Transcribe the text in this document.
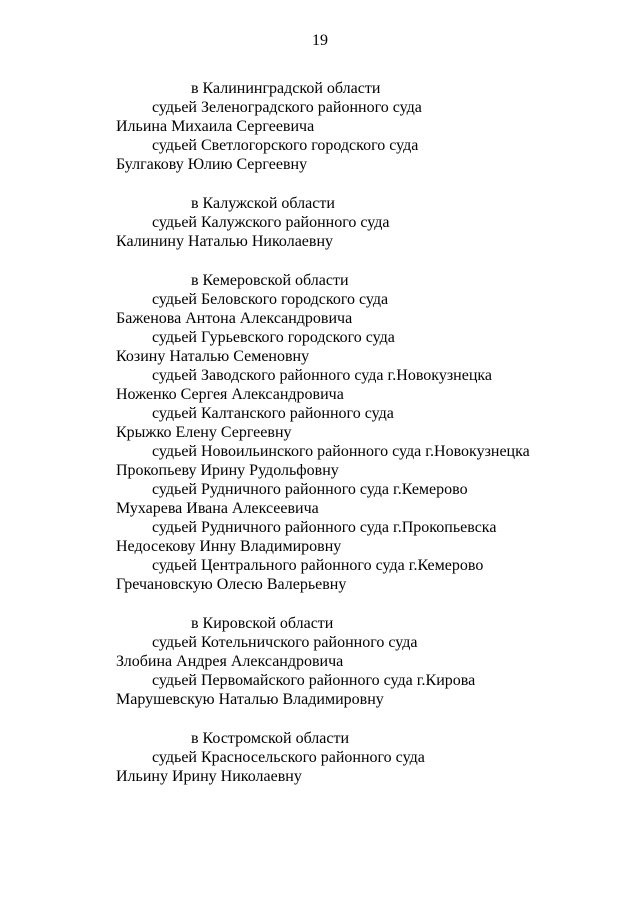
19
в Калининградской области
судьей Зеленоградского районного суда
Ильина Михаила Сергеевича
судьей Светлогорского городского суда
Булгакову Юлию Сергеевну
в Калужской области
судьей Калужского районного суда
Калинину Наталью Николаевну
в Кемеровской области
судьей Беловского городского суда
Баженова Антона Александровича
судьей Гурьевского городского суда
Козину Наталью Семеновну
судьей Заводского районного суда г.Новокузнецка
Ноженко Сергея Александровича
судьей Калтанского районного суда
Крыжко Елену Сергеевну
судьей Новоильинского районного суда г.Новокузнецка
Прокопьеву Ирину Рудольфовну
судьей Рудничного районного суда г.Кемерово
Мухарева Ивана Алексеевича
судьей Рудничного районного суда г.Прокопьевска
Недосекову Инну Владимировну
судьей Центрального районного суда г.Кемерово
Гречановскую Олесю Валерьевну
в Кировской области
судьей Котельничского районного суда
Злобина Андрея Александровича
судьей Первомайского районного суда г.Кирова
Марушевскую Наталью Владимировну
в Костромской области
судьей Красносельского районного суда
Ильину Ирину Николаевну
